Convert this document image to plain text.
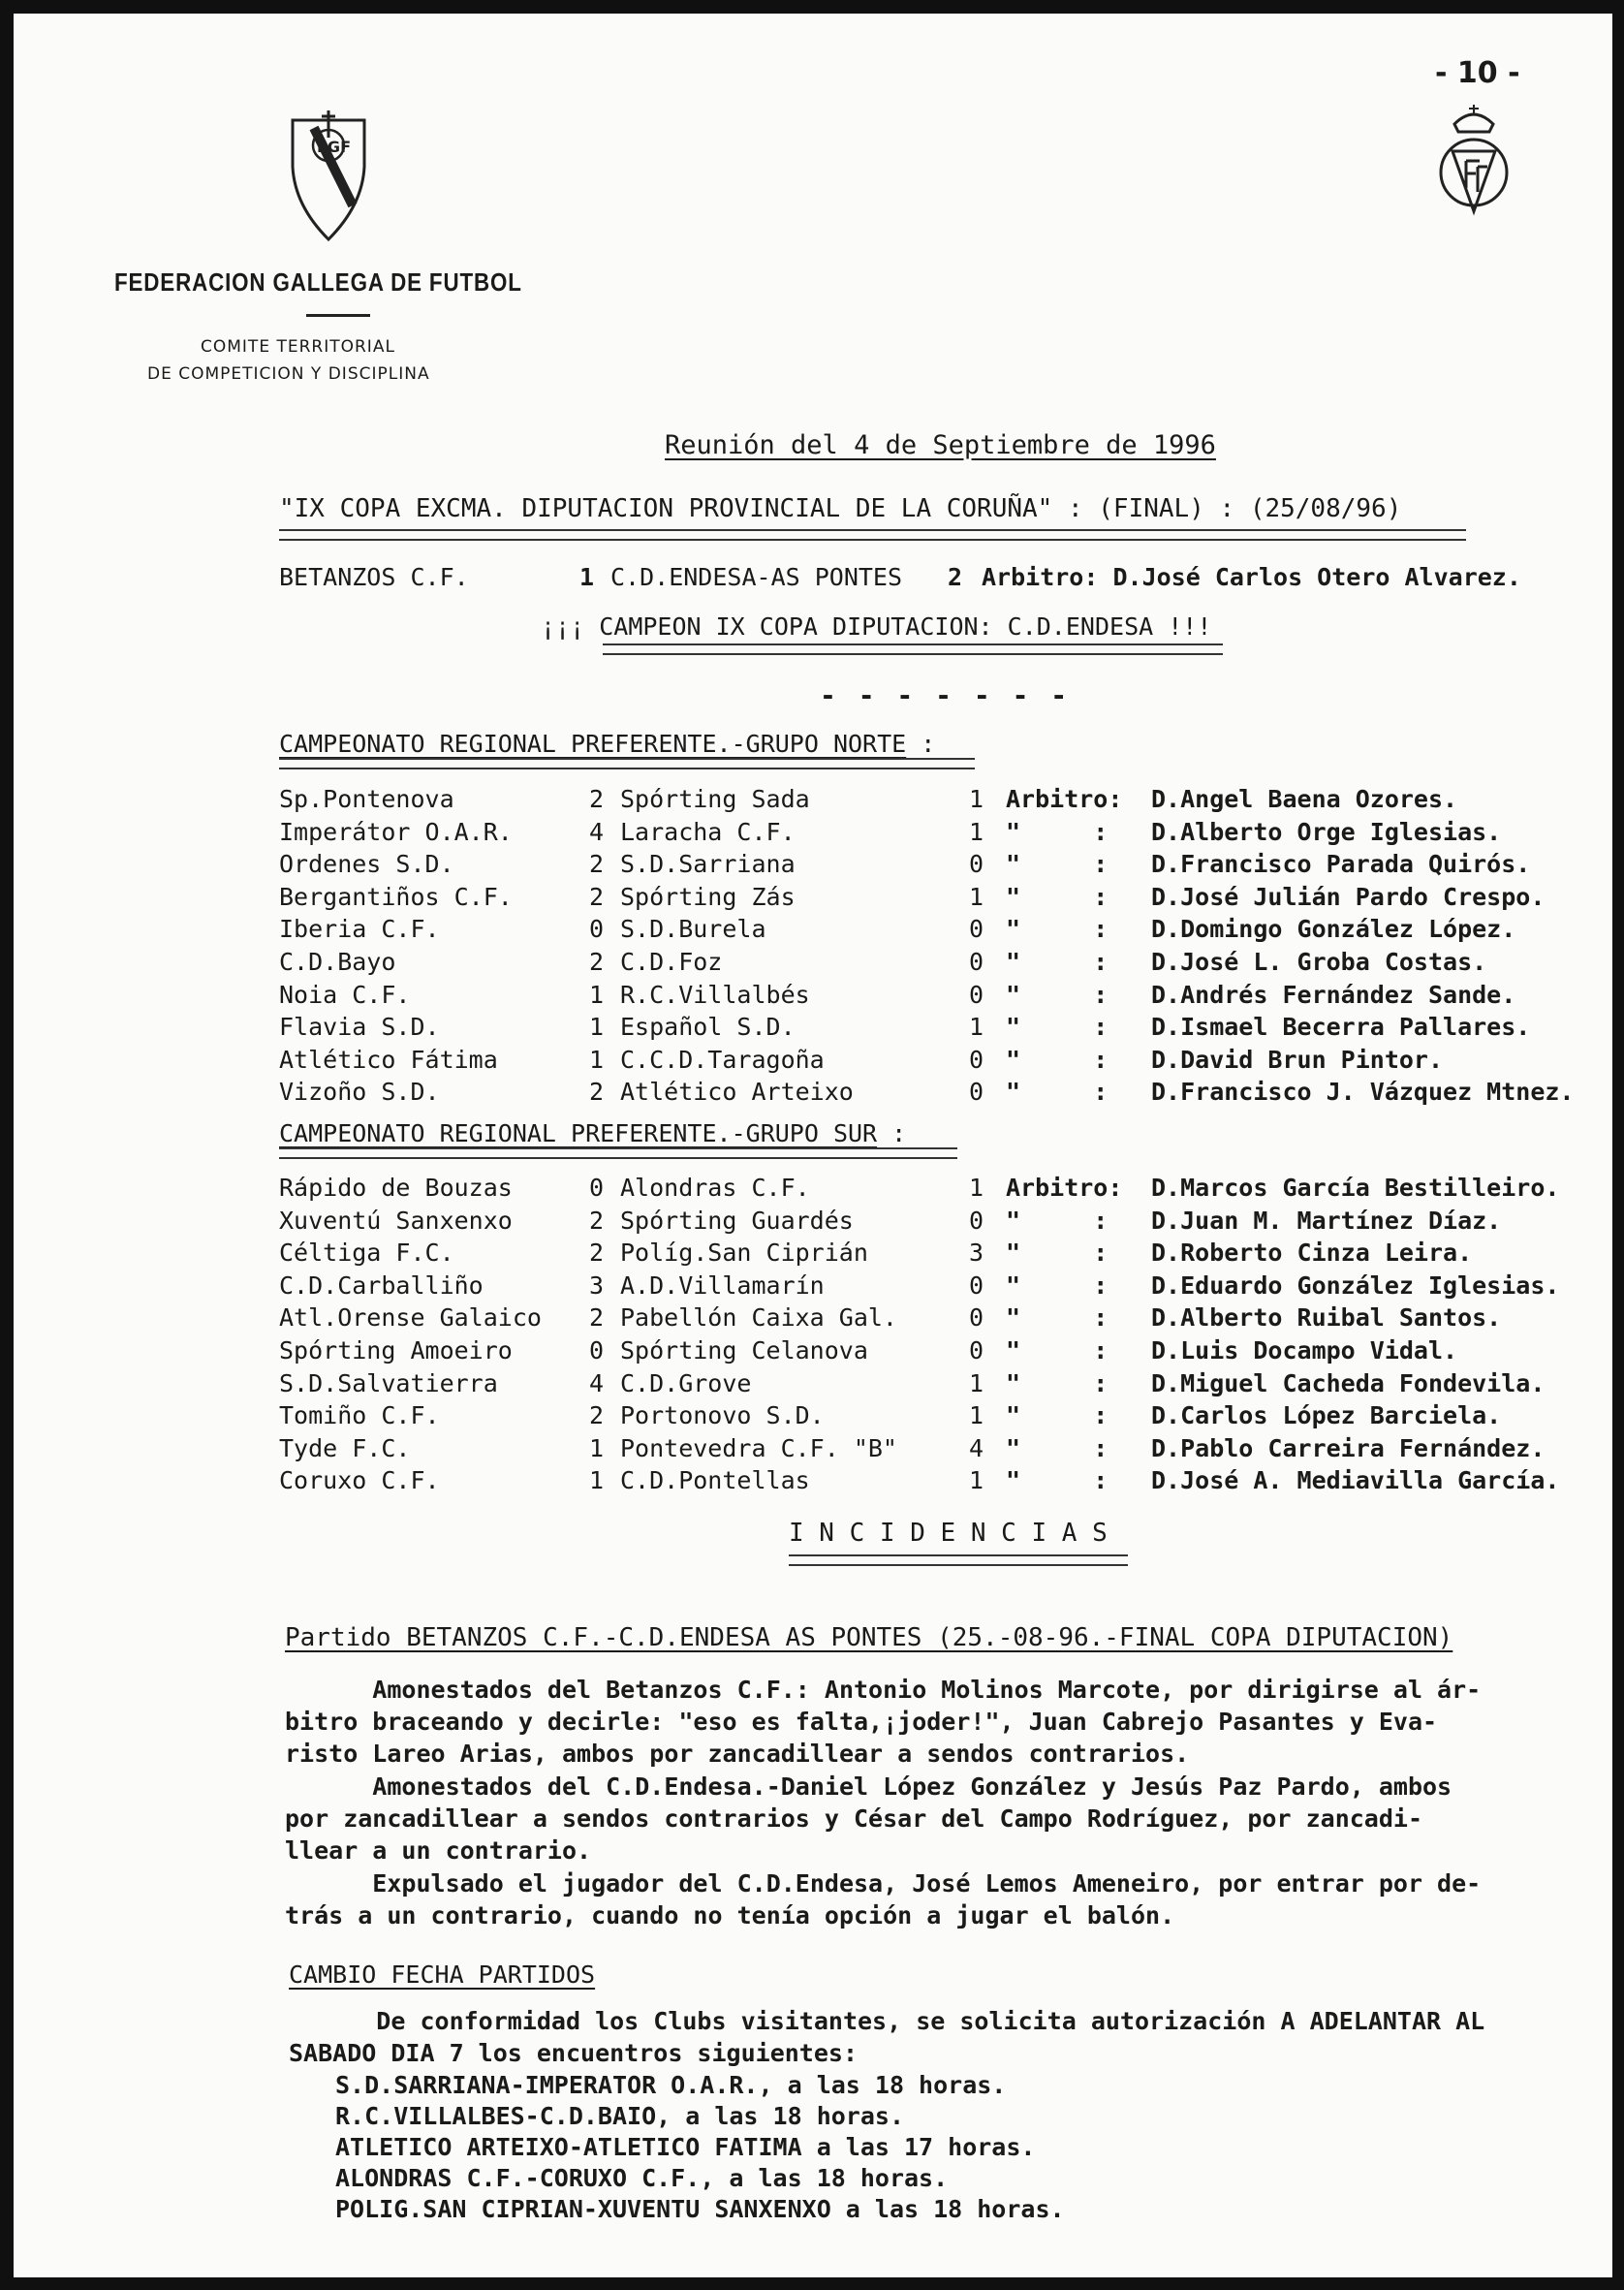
FGF
- 10 -
FEDERACION GALLEGA DE FUTBOL
COMITE TERRITORIAL
DE COMPETICION Y DISCIPLINA
Reunión del 4 de Septiembre de 1996
"IX COPA EXCMA. DIPUTACION PROVINCIAL DE LA CORUÑA" : (FINAL) : (25/08/96)
BETANZOS C.F.	1 C.D.ENDESA-AS PONTES 2 Arbitro: D.José Carlos Otero Alvarez.
¡¡¡ CAMPEON IX COPA DIPUTACION: C.D.ENDESA !!!
- - - - - - -
CAMPEONATO REGIONAL PREFERENTE.-GRUPO NORTE :
Sp.Pontenova	2 Spórting Sada	1 Arbitro: D.Angel Baena Ozores.
Imperátor O.A.R.	4 Laracha C.F.	1 "     : D.Alberto Orge Iglesias.
Ordenes S.D.	2 S.D.Sarriana	0 "     : D.Francisco Parada Quirós.
Bergantiños C.F.	2 Spórting Zás	1 "     : D.José Julián Pardo Crespo.
Iberia C.F.	0 S.D.Burela	0 "     : D.Domingo González López.
C.D.Bayo	2 C.D.Foz	0 "     : D.José L. Groba Costas.
Noia C.F.	1 R.C.Villalbés	0 "     : D.Andrés Fernández Sande.
Flavia S.D.	1 Español S.D.	1 "     : D.Ismael Becerra Pallares.
Atlético Fátima	1 C.C.D.Taragoña	0 "     : D.David Brun Pintor.
Vizoño S.D.	2 Atlético Arteixo	0 "     : D.Francisco J. Vázquez Mtnez.
CAMPEONATO REGIONAL PREFERENTE.-GRUPO SUR :
Rápido de Bouzas	0 Alondras C.F.	1 Arbitro: D.Marcos García Bestilleiro.
Xuventú Sanxenxo	2 Spórting Guardés	0 "     : D.Juan M. Martínez Díaz.
Céltiga F.C.	2 Políg.San Ciprián	3 "     : D.Roberto Cinza Leira.
C.D.Carballiño	3 A.D.Villamarín	0 "     : D.Eduardo González Iglesias.
Atl.Orense Galaico 2 Pabellón Caixa Gal.	0 "     : D.Alberto Ruibal Santos.
Spórting Amoeiro	0 Spórting Celanova	0 "     : D.Luis Docampo Vidal.
S.D.Salvatierra	4 C.D.Grove	1 "     : D.Miguel Cacheda Fondevila.
Tomiño C.F.	2 Portonovo S.D.	1 "     : D.Carlos López Barciela.
Tyde F.C.	1 Pontevedra C.F. "B"	4 "     : D.Pablo Carreira Fernández.
Coruxo C.F.	1 C.D.Pontellas	1 "     : D.José A. Mediavilla García.
I N C I D E N C I A S
Partido BETANZOS C.F.-C.D.ENDESA AS PONTES (25.-08-96.-FINAL COPA DIPUTACION)
Amonestados del Betanzos C.F.: Antonio Molinos Marcote, por dirigirse al ár-
bitro braceando y decirle: "eso es falta,¡joder!", Juan Cabrejo Pasantes y Eva-
risto Lareo Arias, ambos por zancadillear a sendos contrarios.
Amonestados del C.D.Endesa.-Daniel López González y Jesús Paz Pardo, ambos
por zancadillear a sendos contrarios y César del Campo Rodríguez, por zancadi-
llear a un contrario.
Expulsado el jugador del C.D.Endesa, José Lemos Ameneiro, por entrar por de-
trás a un contrario, cuando no tenía opción a jugar el balón.
CAMBIO FECHA PARTIDOS
De conformidad los Clubs visitantes, se solicita autorización A ADELANTAR AL
SABADO DIA 7 los encuentros siguientes:
S.D.SARRIANA-IMPERATOR O.A.R., a las 18 horas.
R.C.VILLALBES-C.D.BAIO, a las 18 horas.
ATLETICO ARTEIXO-ATLETICO FATIMA a las 17 horas.
ALONDRAS C.F.-CORUXO C.F., a las 18 horas.
POLIG.SAN CIPRIAN-XUVENTU SANXENXO a las 18 horas.
